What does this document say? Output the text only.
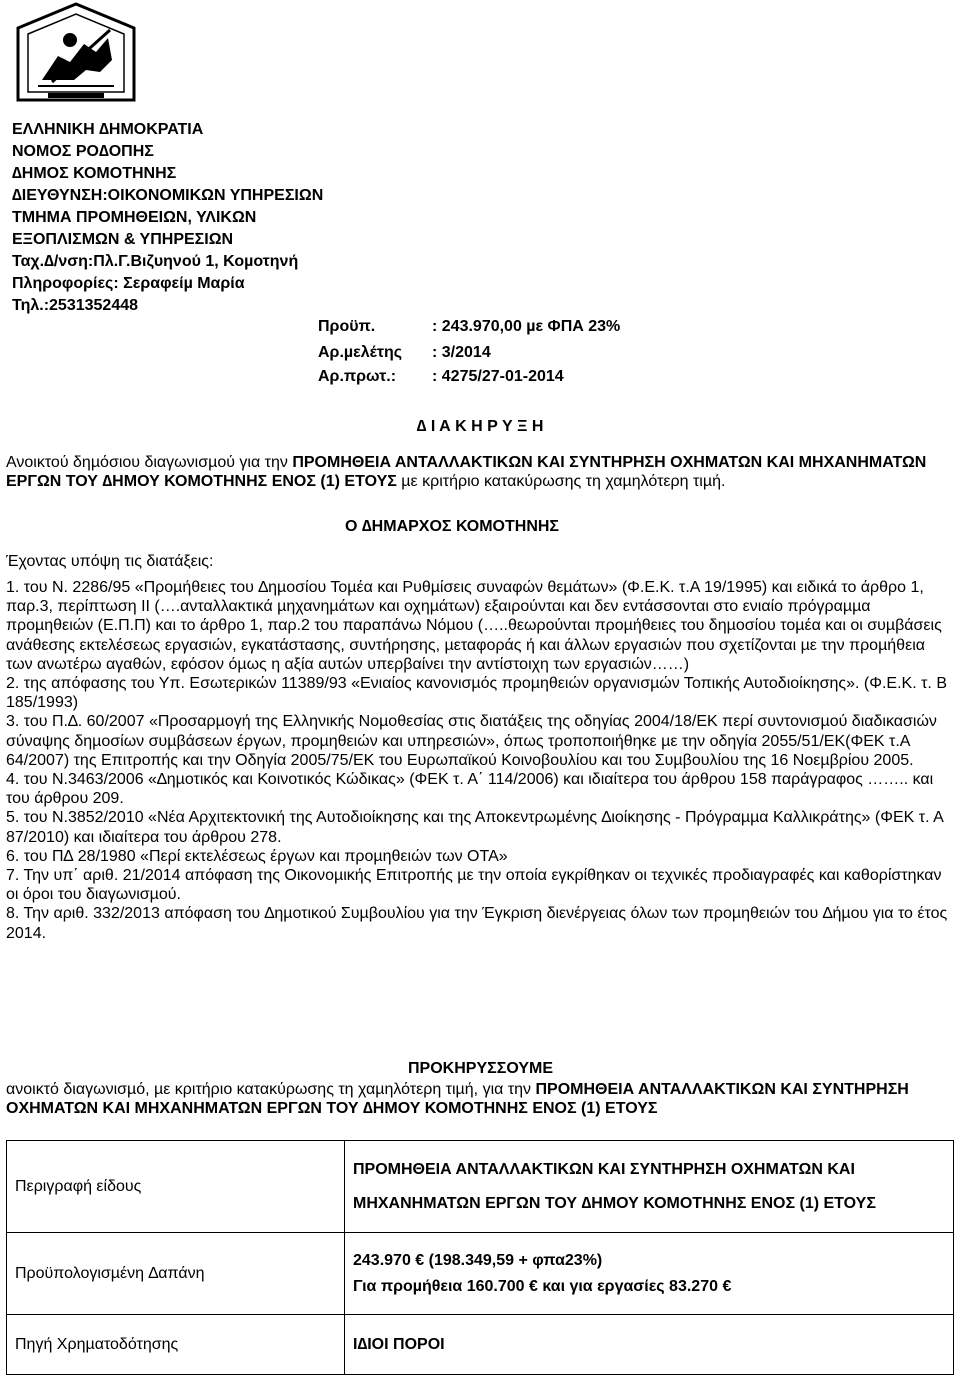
ΕΛΛΗΝΙΚΗ ∆ΗΜΟΚΡΑΤΙΑ
ΝΟΜΟΣ ΡΟ∆ΟΠΗΣ
∆ΗΜΟΣ ΚΟΜΟΤΗΝΗΣ
∆ΙΕΥΘΥΝΣΗ:ΟΙΚΟΝΟΜΙΚΩΝ ΥΠΗΡΕΣΙΩΝ
ΤΜΗΜΑ ΠΡΟΜΗΘΕΙΩΝ, ΥΛΙΚΩΝ
ΕΞΟΠΛΙΣΜΩΝ & ΥΠΗΡΕΣΙΩΝ
Ταχ.∆/νση:Πλ.Γ.Βιζυηνού 1, Κοµοτηνή
Πληροφορίες: Σεραφείµ Μαρία
Τηλ.:2531352448
Προϋπ.	: 243.970,00 µε ΦΠΑ 23%
Αρ.µελέτης : 3/2014
Αρ.πρωτ.: : 4275/27-01-2014
∆ Ι Α Κ Η Ρ Υ Ξ Η
Ανοικτού δηµόσιου διαγωνισµού για την ΠΡΟΜΗΘΕΙΑ ΑΝΤΑΛΛΑΚΤΙΚΩΝ ΚΑΙ ΣΥΝΤΗΡΗΣΗ ΟΧΗΜΑΤΩΝ ΚΑΙ ΜΗΧΑΝΗΜΑΤΩΝ ΕΡΓΩΝ ΤΟΥ ∆ΗΜΟΥ ΚΟΜΟΤΗΝΗΣ ΕΝΟΣ (1) ΕΤΟΥΣ µε κριτήριο κατακύρωσης τη χαµηλότερη τιµή.
Ο ∆ΗΜΑΡΧΟΣ ΚΟΜΟΤΗΝΗΣ
Έχοντας υπόψη τις διατάξεις:
1. του Ν. 2286/95 «Προµήθειες του ∆ηµοσίου Τοµέα και Ρυθµίσεις συναφών θεµάτων» (Φ.Ε.Κ. τ.Α 19/1995) και ειδικά το άρθρο 1, παρ.3, περίπτωση ΙΙ (….ανταλλακτικά µηχανηµάτων και οχηµάτων) εξαιρούνται και δεν εντάσσονται στο ενιαίο πρόγραµµα προµηθειών (Ε.Π.Π) και το άρθρο 1, παρ.2 του παραπάνω Νόµου (…..θεωρούνται προµήθειες του δηµοσίου τοµέα και οι συµβάσεις ανάθεσης εκτελέσεως εργασιών, εγκατάστασης, συντήρησης, µεταφοράς ή και άλλων εργασιών που σχετίζονται µε την προµήθεια των ανωτέρω αγαθών, εφόσον όµως η αξία αυτών υπερβαίνει την αντίστοιχη των εργασιών……)
2. της απόφασης του Υπ. Εσωτερικών 11389/93 «Ενιαίος κανονισµός προµηθειών οργανισµών Τοπικής Αυτοδιοίκησης». (Φ.Ε.Κ. τ. Β 185/1993)
3. του Π.∆. 60/2007 «Προσαρµογή της Ελληνικής Νοµοθεσίας στις διατάξεις της οδηγίας 2004/18/ΕΚ περί συντονισµού διαδικασιών σύναψης δηµοσίων συµβάσεων έργων, προµηθειών και υπηρεσιών», όπως τροποποιήθηκε µε την οδηγία 2055/51/ΕΚ(ΦΕΚ τ.Α 64/2007) της Επιτροπής και την Οδηγία 2005/75/ΕΚ του Ευρωπαϊκού Κοινοβουλίου και του Συµβουλίου της 16 Νοεµβρίου 2005.
4. του Ν.3463/2006 «∆ηµοτικός και Κοινοτικός Κώδικας» (ΦΕΚ τ. Α΄ 114/2006) και ιδιαίτερα του άρθρου 158 παράγραφος …….. και του άρθρου 209.
5. του Ν.3852/2010 «Νέα Αρχιτεκτονική της Αυτοδιοίκησης και της Αποκεντρωµένης ∆ιοίκησης - Πρόγραµµα Καλλικράτης» (ΦΕΚ τ. Α 87/2010) και ιδιαίτερα του άρθρου 278.
6. του Π∆ 28/1980 «Περί εκτελέσεως έργων και προµηθειών των ΟΤΑ»
7. Την υπ΄ αριθ. 21/2014 απόφαση της Οικονοµικής Επιτροπής µε την οποία εγκρίθηκαν οι τεχνικές προδιαγραφές και καθορίστηκαν οι όροι του διαγωνισµού.
8. Την αριθ. 332/2013 απόφαση του ∆ηµοτικού Συµβουλίου για την Έγκριση διενέργειας όλων των προµηθειών του ∆ήµου για το έτος 2014.
ΠΡΟΚΗΡΥΣΣΟΥΜΕ
ανοικτό διαγωνισµό, µε κριτήριο κατακύρωσης τη χαµηλότερη τιµή, για την ΠΡΟΜΗΘΕΙΑ ΑΝΤΑΛΛΑΚΤΙΚΩΝ ΚΑΙ ΣΥΝΤΗΡΗΣΗ ΟΧΗΜΑΤΩΝ ΚΑΙ ΜΗΧΑΝΗΜΑΤΩΝ ΕΡΓΩΝ ΤΟΥ ∆ΗΜΟΥ ΚΟΜΟΤΗΝΗΣ ΕΝΟΣ (1) ΕΤΟΥΣ
Περιγραφή είδους	ΠΡΟΜΗΘΕΙΑ ΑΝΤΑΛΛΑΚΤΙΚΩΝ ΚΑΙ ΣΥΝΤΗΡΗΣΗ ΟΧΗΜΑΤΩΝ ΚΑΙ ΜΗΧΑΝΗΜΑΤΩΝ ΕΡΓΩΝ ΤΟΥ ∆ΗΜΟΥ ΚΟΜΟΤΗΝΗΣ ΕΝΟΣ (1) ΕΤΟΥΣ
Προϋπολογισµένη ∆απάνη	243.970 € (198.349,59 + φπα23%)
Για προµήθεια 160.700 € και για εργασίες 83.270 €

Πηγή Χρηµατοδότησης	Ι∆ΙΟΙ ΠΟΡΟΙ
